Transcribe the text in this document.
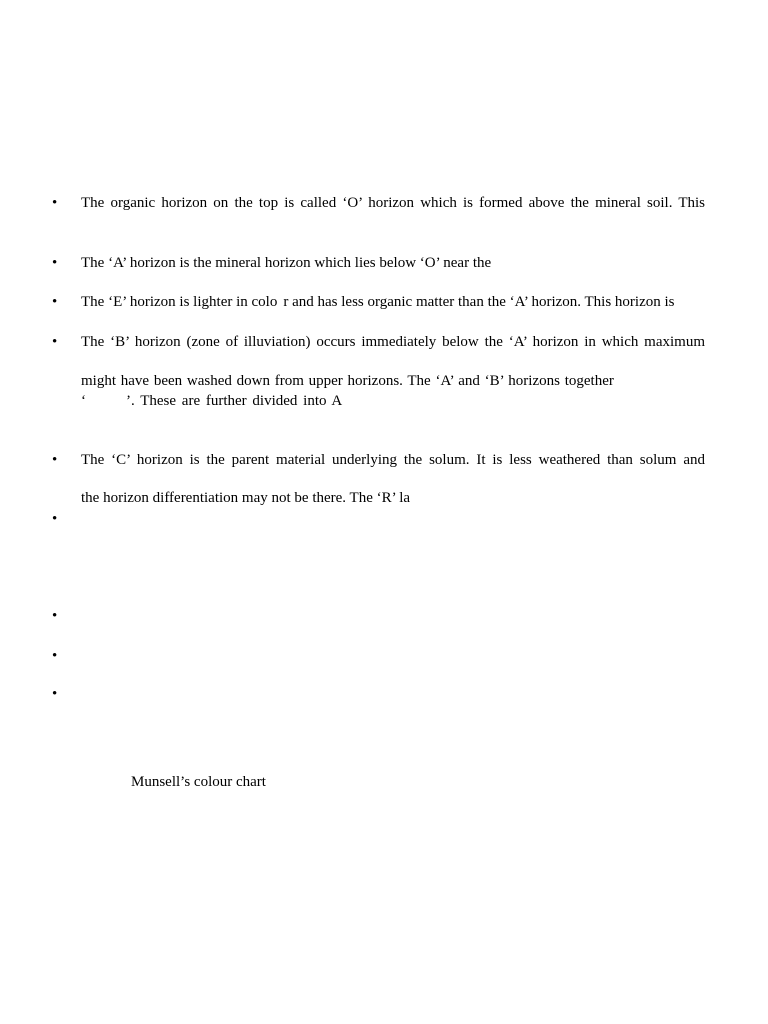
•	The organic horizon on the top is called ‘O’ horizon which is formed above the mineral soil. This
•	The ‘A’ horizon is the mineral horizon which lies below ‘O’ near the
•	The ‘E’ horizon is lighter in colo r and has less organic matter than the ‘A’ horizon. This horizon is
•	The ‘B’ horizon (zone of illuviation) occurs immediately below the ‘A’ horizon in which maximum
might have been washed down from upper horizons. The ‘A’ and ‘B’ horizons together
‘	’. These are further divided into A
•	The ‘C’ horizon is the parent material underlying the solum. It is less weathered than solum and
the horizon differentiation may not be there. The ‘R’ la
•
•
•
•
Munsell’s colour chart
